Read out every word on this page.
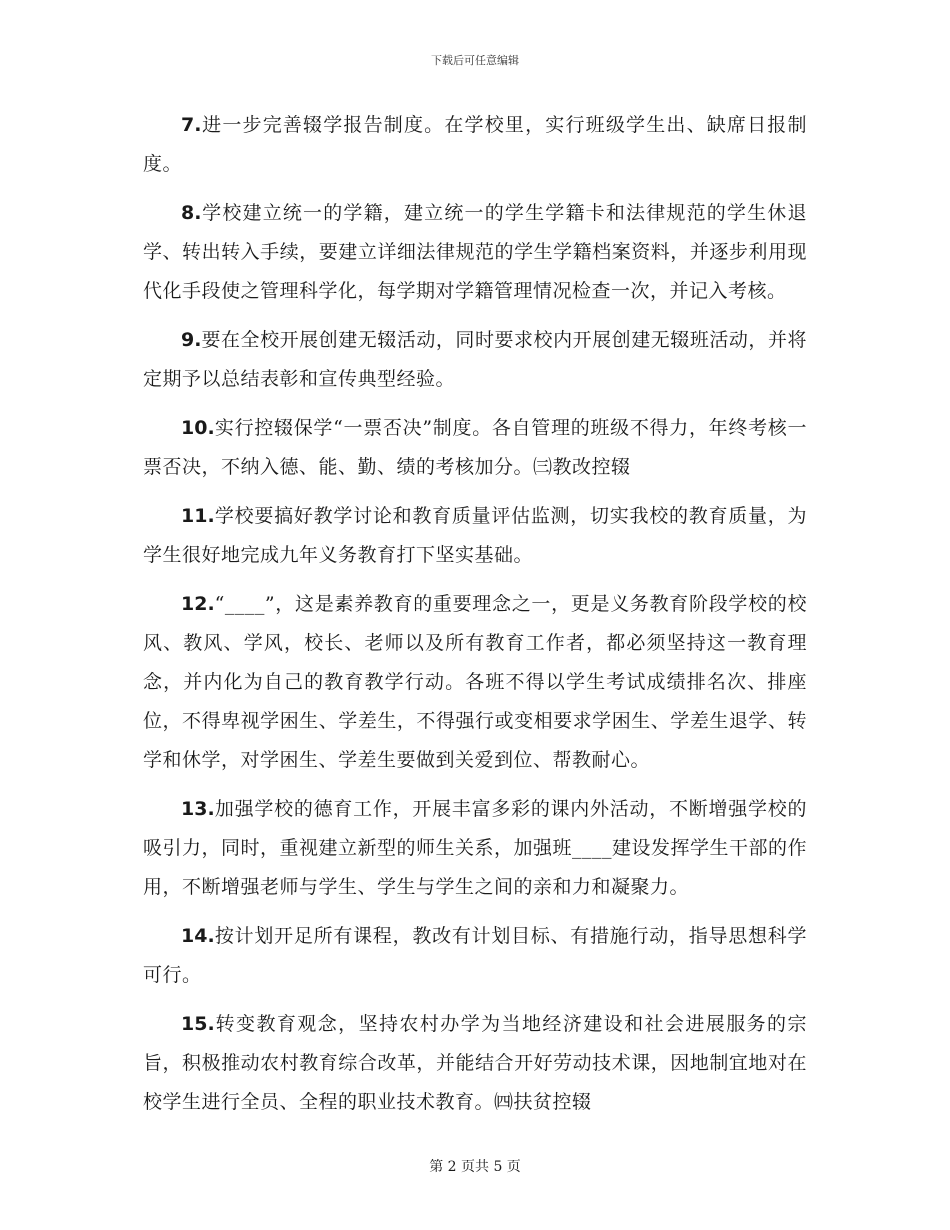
下载后可任意编辑

7.进一步完善辍学报告制度。在学校里，实行班级学生出、缺席日报制度。

8.学校建立统一的学籍，建立统一的学生学籍卡和法律规范的学生休退学、转出转入手续，要建立详细法律规范的学生学籍档案资料，并逐步利用现代化手段使之管理科学化，每学期对学籍管理情况检查一次，并记入考核。

9.要在全校开展创建无辍活动，同时要求校内开展创建无辍班活动，并将定期予以总结表彰和宣传典型经验。

10.实行控辍保学“一票否决”制度。各自管理的班级不得力，年终考核一票否决，不纳入德、能、勤、绩的考核加分。㈢教改控辍

11.学校要搞好教学讨论和教育质量评估监测，切实我校的教育质量，为学生很好地完成九年义务教育打下坚实基础。

12.“____”，这是素养教育的重要理念之一，更是义务教育阶段学校的校风、教风、学风，校长、老师以及所有教育工作者，都必须坚持这一教育理念，并内化为自己的教育教学行动。各班不得以学生考试成绩排名次、排座位，不得卑视学困生、学差生，不得强行或变相要求学困生、学差生退学、转学和休学，对学困生、学差生要做到关爱到位、帮教耐心。

13.加强学校的德育工作，开展丰富多彩的课内外活动，不断增强学校的吸引力，同时，重视建立新型的师生关系，加强班____建设发挥学生干部的作用，不断增强老师与学生、学生与学生之间的亲和力和凝聚力。

14.按计划开足所有课程，教改有计划目标、有措施行动，指导思想科学可行。

15.转变教育观念，坚持农村办学为当地经济建设和社会进展服务的宗旨，积极推动农村教育综合改革，并能结合开好劳动技术课，因地制宜地对在校学生进行全员、全程的职业技术教育。㈣扶贫控辍

第 2 页共 5 页
